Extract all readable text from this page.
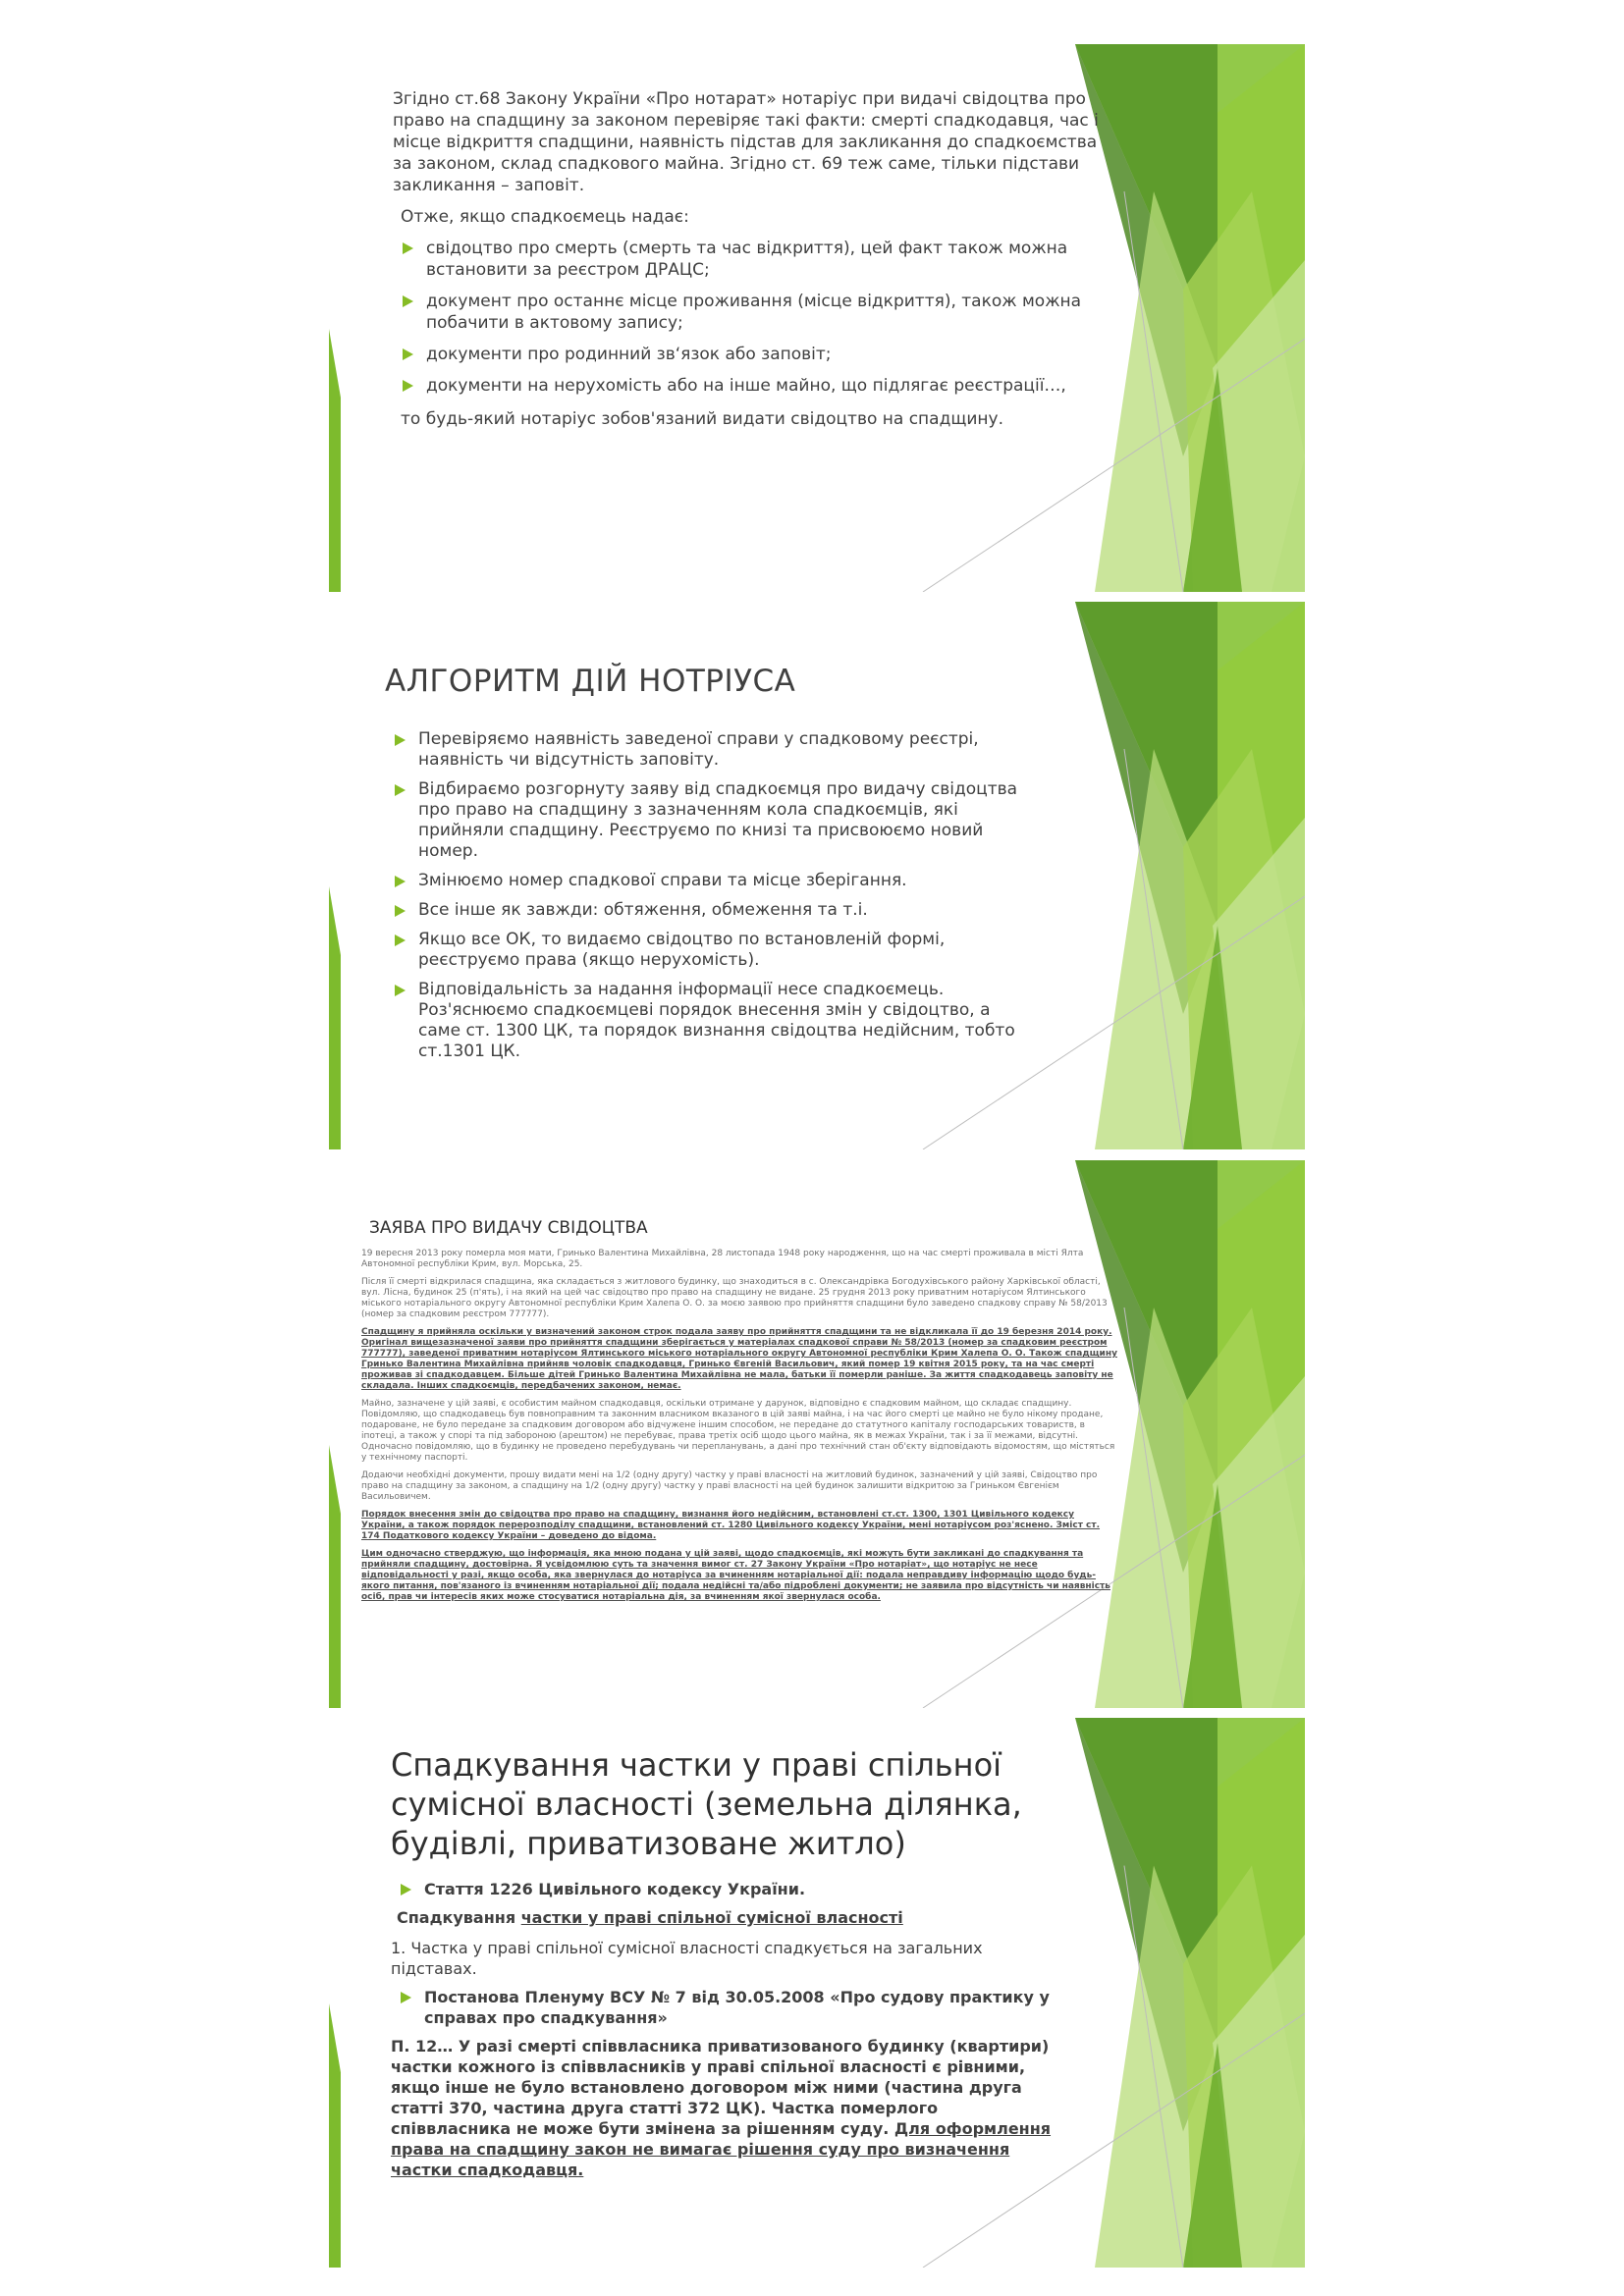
Згідно ст.68 Закону України «Про нотарат» нотаріус при видачі свідоцтва про право на спадщину за законом перевіряє такі факти: смерті спадкодавця, час і місце відкриття спадщини, наявність підстав для закликання до спадкоємства за законом, склад спадкового майна. Згідно ст. 69 теж саме, тільки підстави закликання – заповіт.

Отже, якщо спадкоємець надає:

свідоцтво про смерть (смерть та час відкриття), цей факт також можна встановити за реєстром ДРАЦС;

документ про останнє місце проживання (місце відкриття), також можна побачити в актовому запису;

документи про родинний зв‘язок або заповіт;

документи на нерухомість або на інше майно, що підлягає реєстрації…,

то будь-який нотаріус зобов'язаний видати свідоцтво на спадщину.

АЛГОРИТМ ДІЙ НОТРІУСА
Перевіряємо наявність заведеної справи у спадковому реєстрі, наявність чи відсутність заповіту.
Відбираємо розгорнуту заяву від спадкоємця про видачу свідоцтва про право на спадщину з зазначенням кола спадкоємців, які прийняли спадщину. Реєструємо по книзі та присвоюємо новий номер.
Змінюємо номер спадкової справи та місце зберігання.
Все інше як завжди: обтяження, обмеження та т.і.
Якщо все ОК, то видаємо свідоцтво по встановленій формі, реєструємо права (якщо нерухомість).
Відповідальність за надання інформації несе спадкоємець. Роз'яснюємо спадкоємцеві порядок внесення змін у свідоцтво, а саме ст. 1300 ЦК, та порядок визнання свідоцтва недійсним, тобто ст.1301 ЦК.
ЗАЯВА ПРО ВИДАЧУ СВІДОЦТВА

19 вересня 2013 року померла моя мати, Гринько Валентина Михайлівна, 28 листопада 1948 року народження, що на час смерті проживала в місті Ялта Автономної республіки Крим, вул. Морська, 25.

Після її смерті відкрилася спадщина, яка складається з житлового будинку, що знаходиться в с. Олександрівка Богодухівського району Харківської області, вул. Лісна, будинок 25 (п'ять), і на який на цей час свідоцтво про право на спадщину не видане. 25 грудня 2013 року приватним нотаріусом Ялтинського міського нотаріального округу Автономної республіки Крим Халепа О. О. за моєю заявою про прийняття спадщини було заведено спадкову справу № 58/2013 (номер за спадковим реєстром 777777).

Спадщину я прийняла оскільки у визначений законом строк подала заяву про прийняття спадщини та не відкликала її до 19 березня 2014 року. Оригінал вищезазначеної заяви про прийняття спадщини зберігається у матеріалах спадкової справи № 58/2013 (номер за спадковим реєстром 777777), заведеної приватним нотаріусом Ялтинського міського нотаріального округу Автономної республіки Крим Халепа О. О. Також спадщину Гринько Валентина Михайлівна прийняв чоловік спадкодавця, Гринько Євгеній Васильович, який помер 19 квітня 2015 року, та на час смерті проживав зі спадкодавцем. Більше дітей Гринько Валентина Михайлівна не мала, батьки її померли раніше. За життя спадкодавець заповіту не складала. Інших спадкоємців, передбачених законом, немає.

Майно, зазначене у цій заяві, є особистим майном спадкодавця, оскільки отримане у дарунок, відповідно є спадковим майном, що складає спадщину. Повідомляю, що спадкодавець був повноправним та законним власником вказаного в цій заяві майна, і на час його смерті це майно не було нікому продане, подароване, не було передане за спадковим договором або відчужене іншим способом, не передане до статутного капіталу господарських товариств, в іпотеці, а також у спорі та під забороною (арештом) не перебуває, права третіх осіб щодо цього майна, як в межах України, так і за її межами, відсутні. Одночасно повідомляю, що в будинку не проведено перебудувань чи перепланувань, а дані про технічний стан об'єкту відповідають відомостям, що містяться у технічному паспорті.

Додаючи необхідні документи, прошу видати мені на 1/2 (одну другу) частку у праві власності на житловий будинок, зазначений у цій заяві, Свідоцтво про право на спадщину за законом, а спадщину на 1/2 (одну другу) частку у праві власності на цей будинок залишити відкритою за Гриньком Євгенієм Васильовичем.

Порядок внесення змін до свідоцтва про право на спадщину, визнання його недійсним, встановлені ст.ст. 1300, 1301 Цивільного кодексу України, а також порядок перерозподілу спадщини, встановлений ст. 1280 Цивільного кодексу України, мені нотаріусом роз'яснено. Зміст ст. 174 Податкового кодексу України – доведено до відома.

Цим одночасно стверджую, що інформація, яка мною подана у цій заяві, щодо спадкоємців, які можуть бути закликані до спадкування та прийняли спадщину, достовірна. Я усвідомлюю суть та значення вимог ст. 27 Закону України «Про нотаріат», що нотаріус не несе відповідальності у разі, якщо особа, яка звернулася до нотаріуса за вчиненням нотаріальної дії: подала неправдиву інформацію щодо будь-якого питання, пов'язаного із вчиненням нотаріальної дії; подала недійсні та/або підроблені документи; не заявила про відсутність чи наявність осіб, прав чи інтересів яких може стосуватися нотаріальна дія, за вчиненням якої звернулася особа.

Спадкування частки у праві спільної сумісної власності (земельна ділянка, будівлі, приватизоване житло)

Стаття 1226 Цивільного кодексу України.

Спадкування частки у праві спільної сумісної власності

1. Частка у праві спільної сумісної власності спадкується на загальних підставах.

Постанова Пленуму ВСУ № 7 від 30.05.2008 «Про судову практику у справах про спадкування»

П. 12… У разі смерті співвласника приватизованого будинку (квартири) частки кожного із співвласників у праві спільної власності є рівними, якщо інше не було встановлено договором між ними (частина друга статті 370, частина друга статті 372 ЦК). Частка померлого співвласника не може бути змінена за рішенням суду. Для оформлення права на спадщину закон не вимагає рішення суду про визначення частки спадкодавця.
